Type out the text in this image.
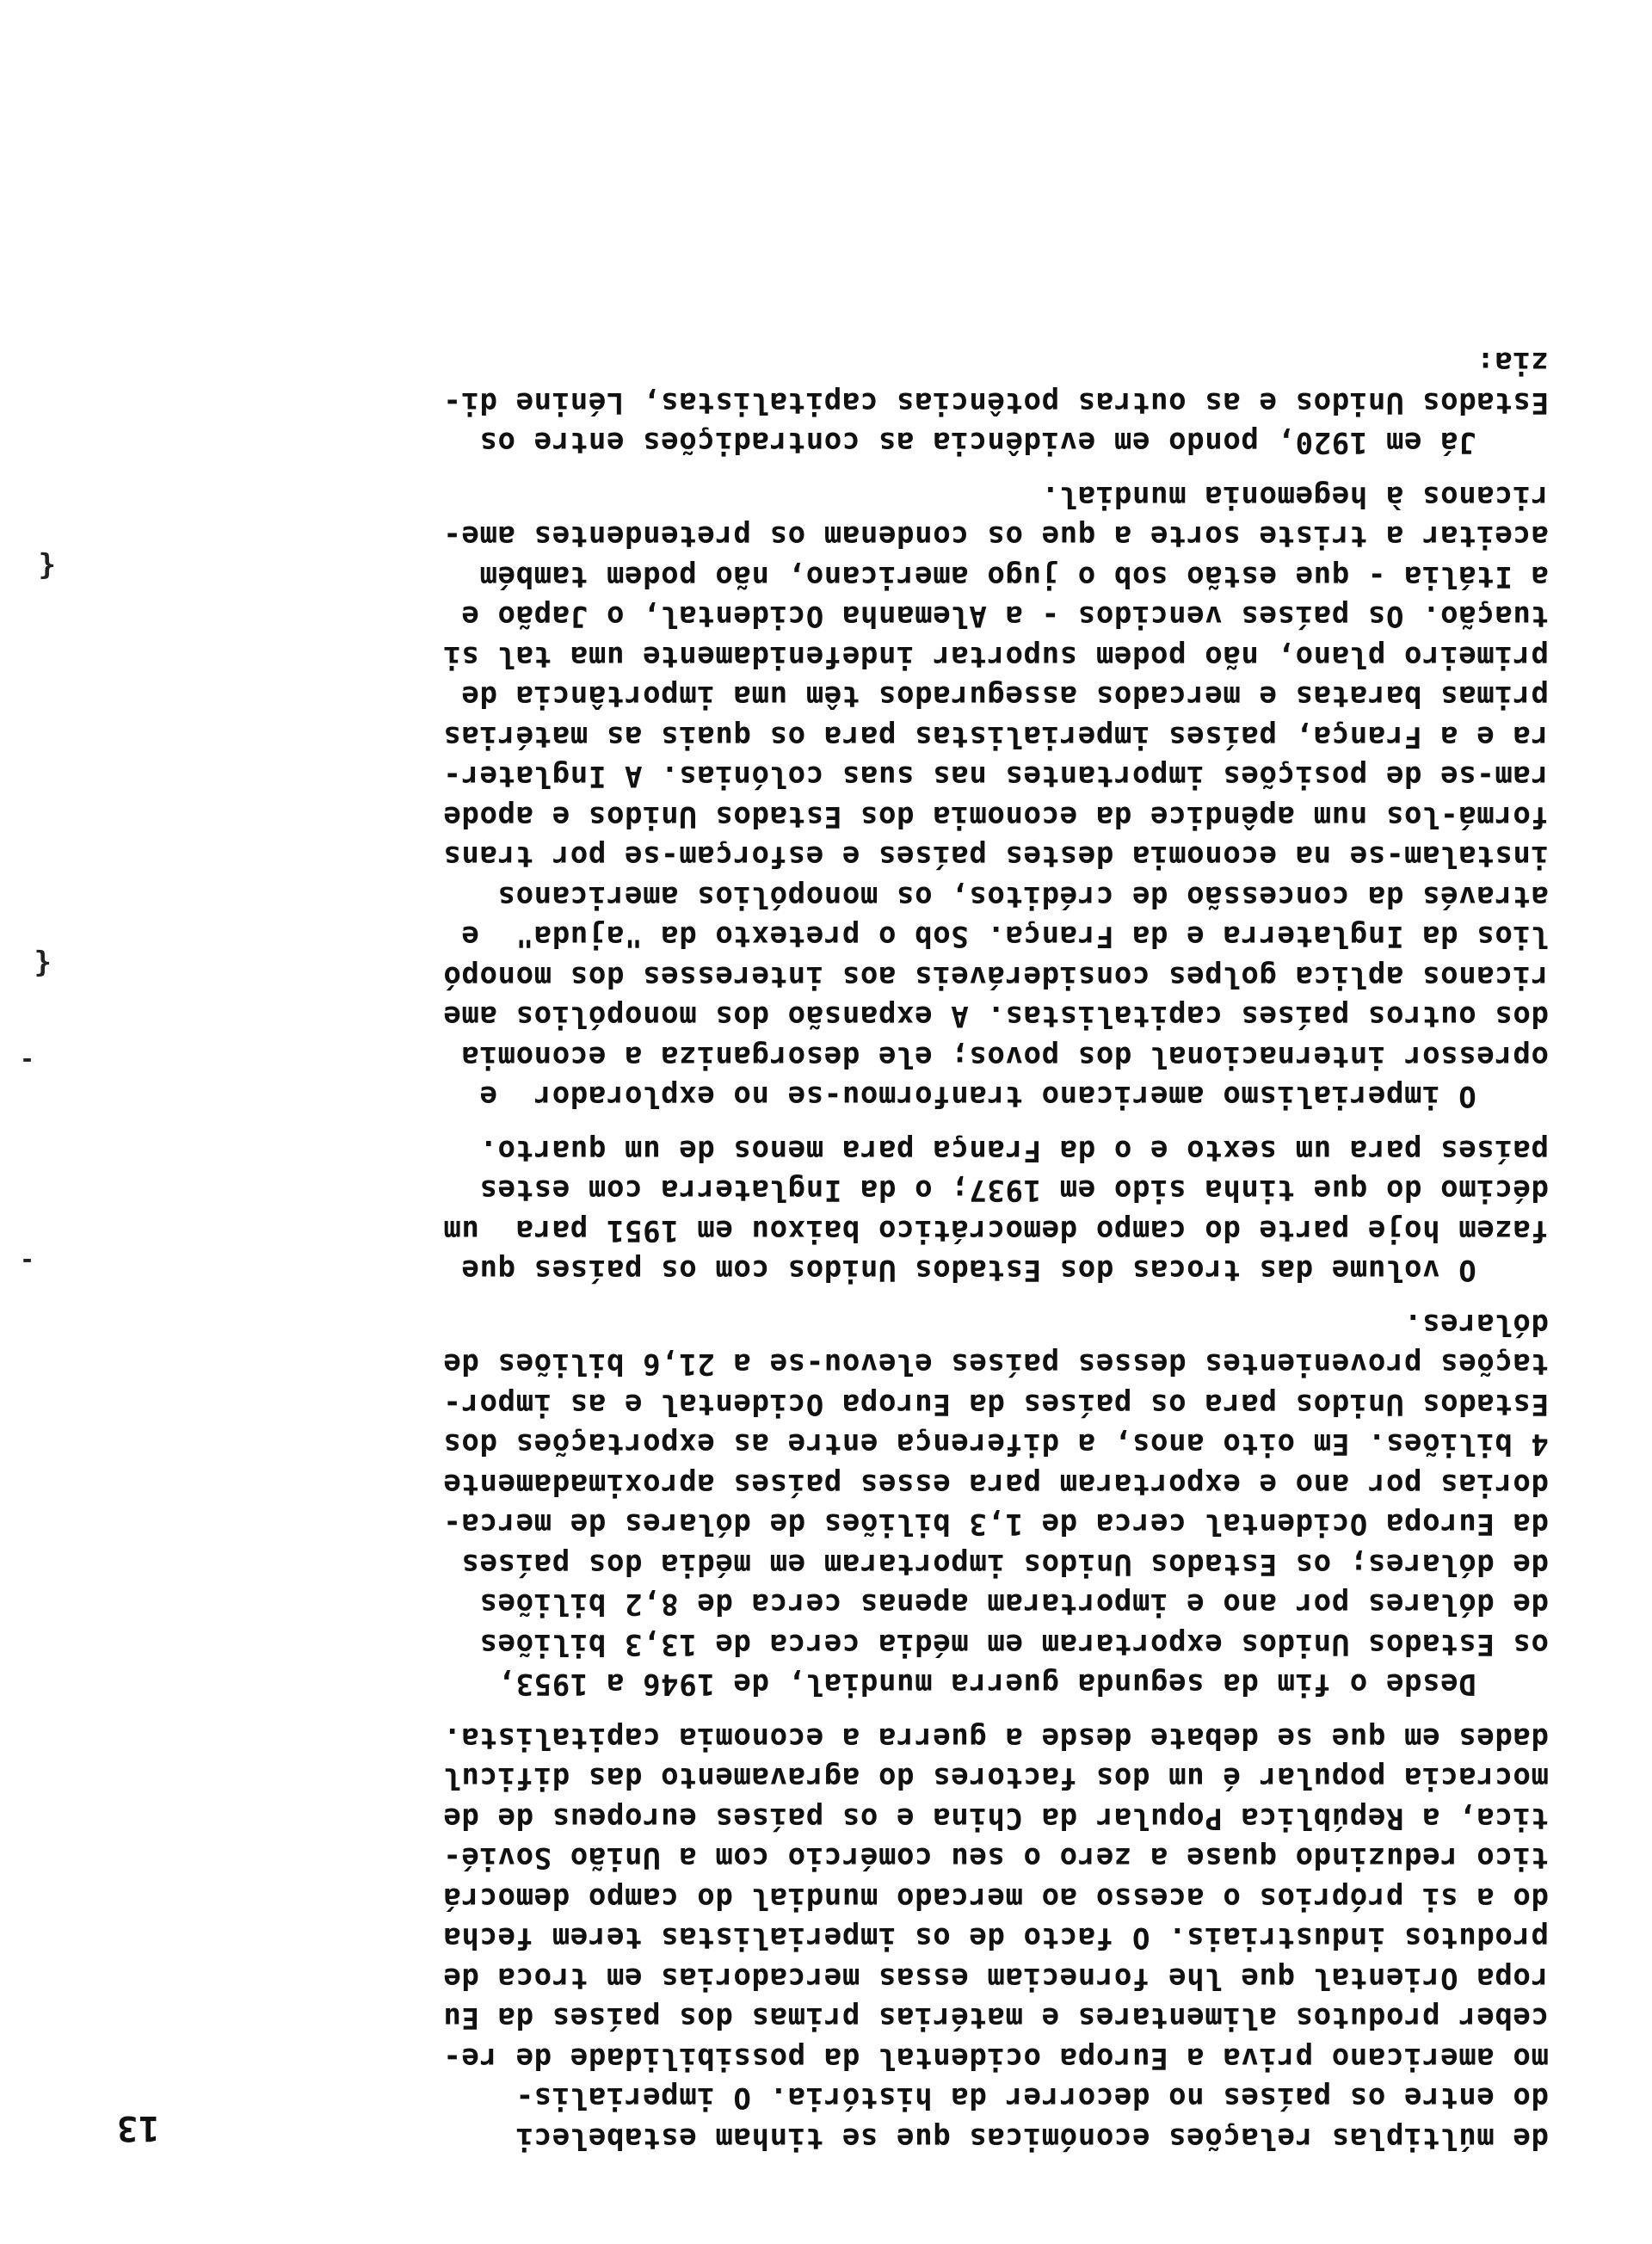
13	de múltiplas relações económicas que se tinham estabeleci
do entre os países no decorrer da história. O imperialis-
mo americano priva a Europa ocidental da possibilidade de re-
ceber produtos alimentares e matérias primas dos países da Eu
ropa Oriental que lhe forneciam essas mercadorias em troca de
produtos industriais. O facto de os imperialistas terem fecha
do a si próprios o acesso ao mercado mundial do campo democrá
tico reduzindo quase a zero o seu comércio com a União Sovié-
tica, a República Popular da China e os países europeus de de
mocracia popular é um dos factores do agravamento das dificul
dades em que se debate desde a guerra a economia capitalista.
Desde o fim da segunda guerra mundial, de 1946 a 1953,
os Estados Unidos exportaram em média cerca de 13,3 biliões
de dólares por ano e importaram apenas cerca de 8,2 biliões
de dólares; os Estados Unidos importaram em média dos países
da Europa Ocidental cerca de 1,3 biliões de dólares de merca-
dorias por ano e exportaram para esses países aproximadamente
4 biliões. Em oito anos, a diferença entre as exportações dos
Estados Unidos para os países da Europa Ocidental e as impor-
tações provenientes desses países elevou-se a 21,6 biliões de
dólares.
O volume das trocas dos Estados Unidos com os países que
fazem hoje parte do campo democrático baixou em 1951 para  um
décimo do que tinha sido em 1937; o da Inglaterra com estes
países para um sexto e o da França para menos de um quarto.
O imperialismo americano tranformou-se no explorador  e
opressor internacional dos povos; ele desorganiza a economia
dos outros países capitalistas. A expansão dos monopólios ame
ricanos aplica golpes consideráveis aos interesses dos monopó
lios da Inglaterra e da França. Sob o pretexto da "ajuda"  e
através da concessão de créditos, os monopólios americanos
instalam-se na economia destes países e esforçam-se por trans
formá-los num apêndice da economia dos Estados Unidos e apode
ram-se de posições importantes nas suas colónias. A Inglater-
ra e a França, países imperialistas para os quais as matérias
primas baratas e mercados assegurados têm uma importância de
primeiro plano, não podem suportar indefenidamente uma tal si
tuação. Os países vencidos - a Alemanha Ocidental, o Japão e
a Itália - que estão sob o jugo americano, não podem também
aceitar a triste sorte a que os condenam os pretendentes ame-
ricanos à hegemonia mundial.
Já em 1920, pondo em evidência as contradições entre os
Estados Unidos e as outras potências capitalistas, Lénine di-
zia:
{
{
-
-
